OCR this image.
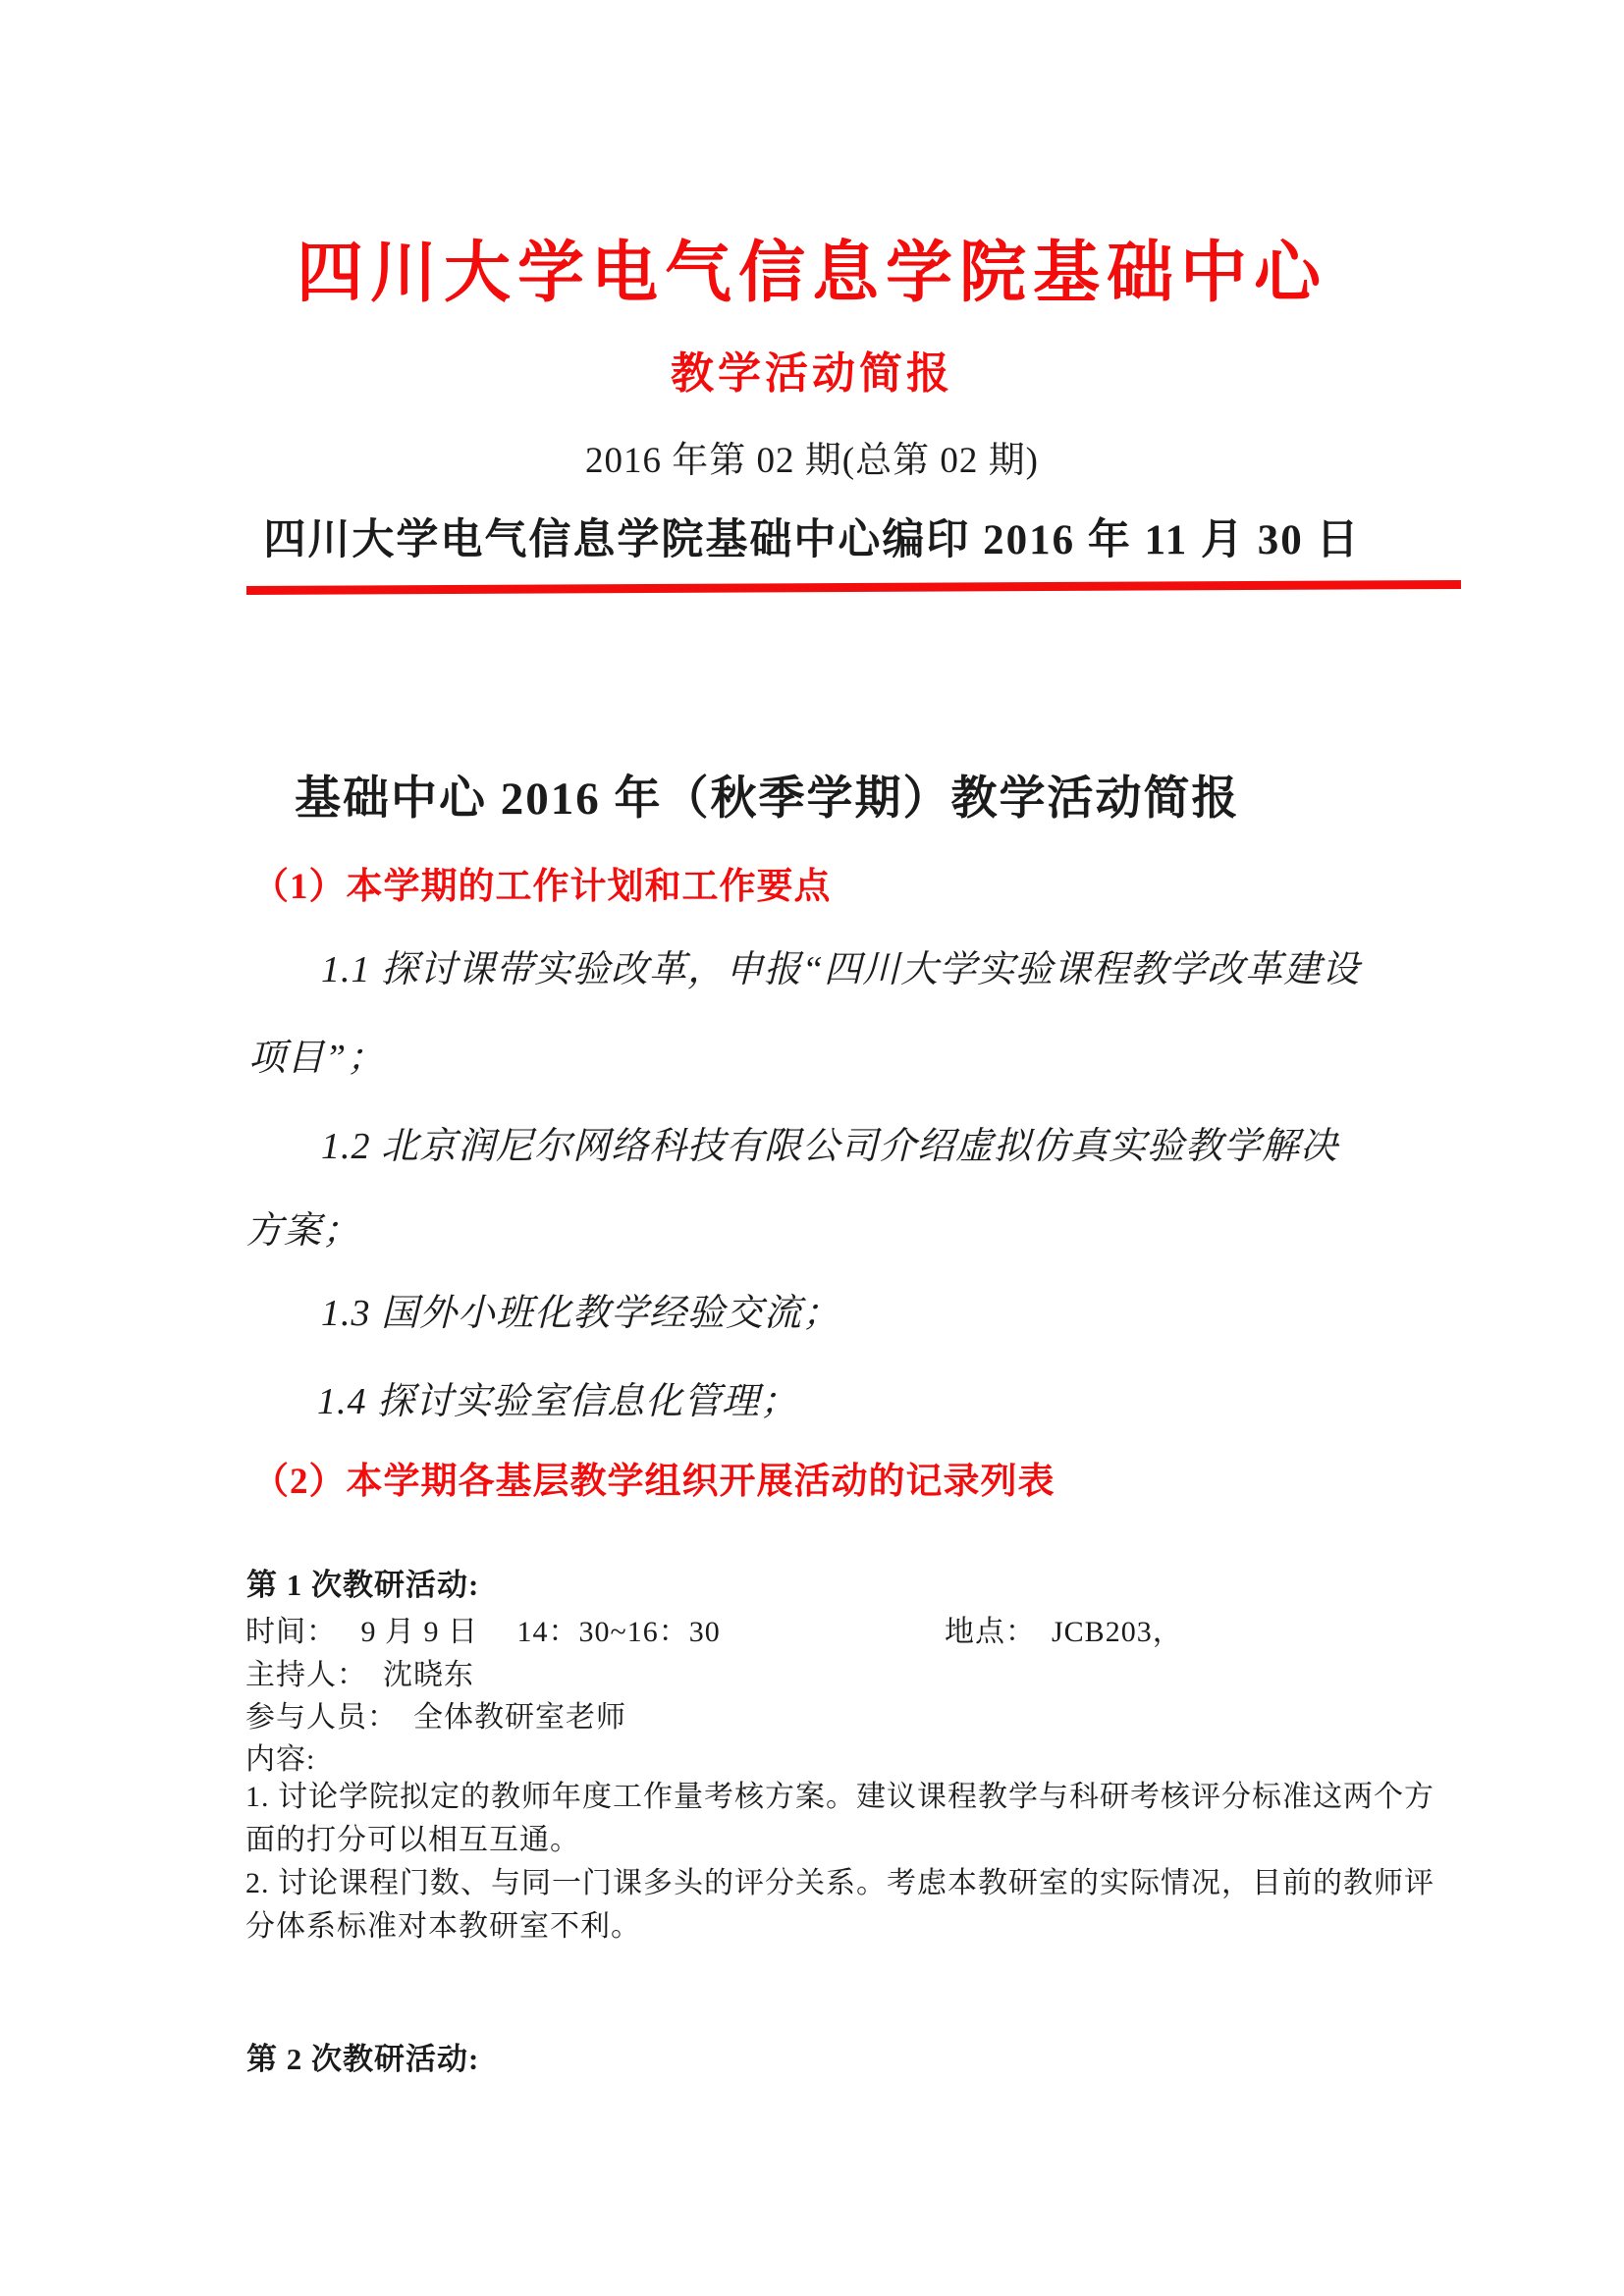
四川大学电气信息学院基础中心
教学活动简报
2016 年第 02 期(总第 02 期)
四川大学电气信息学院基础中心编印 2016 年 11 月 30 日
基础中心 2016 年（秋季学期）教学活动简报
（1）本学期的工作计划和工作要点
1.1 探讨课带实验改革，申报“四川大学实验课程教学改革建设
项目”；
1.2 北京润尼尔网络科技有限公司介绍虚拟仿真实验教学解决
方案；
1.3 国外小班化教学经验交流；
1.4 探讨实验室信息化管理；
（2）本学期各基层教学组织开展活动的记录列表
第 1 次教研活动:
时间：　 9 月 9 日　 14：30~16：30	地点：　JCB203，
主持人：　沈晓东
参与人员：　全体教研室老师
内容:
1. 讨论学院拟定的教师年度工作量考核方案。建议课程教学与科研考核评分标准这两个方
面的打分可以相互互通。
2. 讨论课程门数、与同一门课多头的评分关系。考虑本教研室的实际情况，目前的教师评
分体系标准对本教研室不利。
第 2 次教研活动:
